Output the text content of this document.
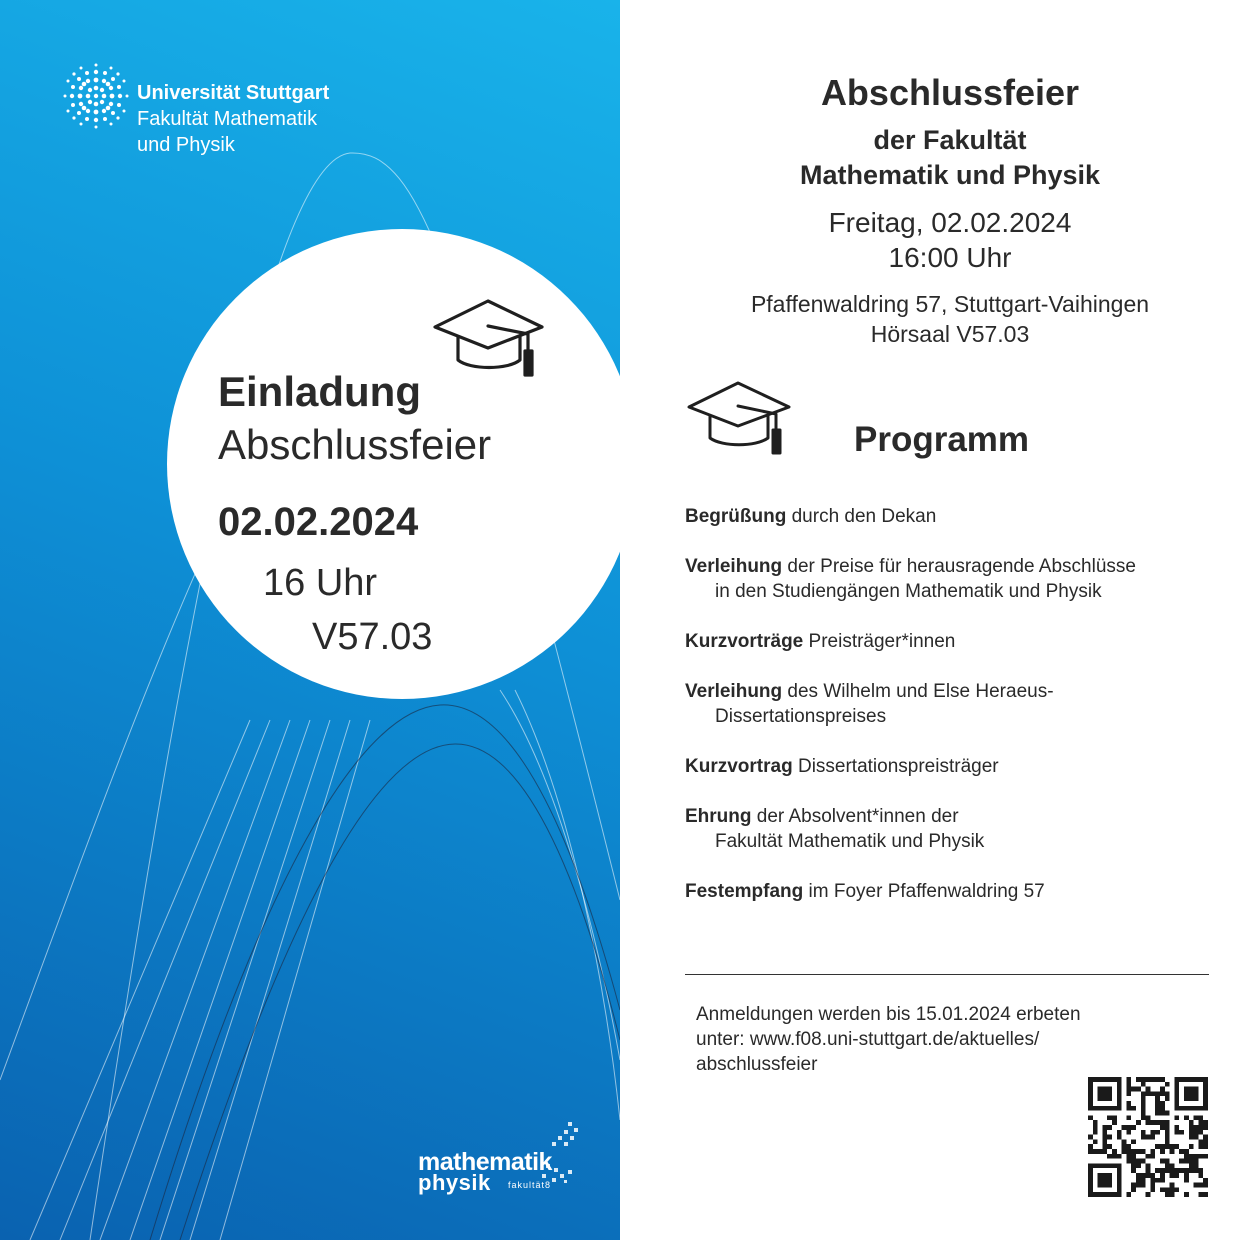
Universität Stuttgart
Fakultät Mathematik
und Physik
mathematik
physik fakultät8
Einladung
Abschlussfeier
02.02.2024
16 Uhr
V57.03
Abschlussfeier
der Fakultät
Mathematik und Physik
Freitag, 02.02.2024
16:00 Uhr
Pfaffenwaldring 57, Stuttgart-Vaihingen
Hörsaal V57.03
Programm
Begrüßung durch den Dekan
Verleihung der Preise für herausragende Abschlüsse
in den Studiengängen Mathematik und Physik
Kurzvorträge Preisträger*innen
Verleihung des Wilhelm und Else Heraeus-
Dissertationspreises
Kurzvortrag Dissertationspreisträger
Ehrung der Absolvent*innen der
Fakultät Mathematik und Physik
Festempfang im Foyer Pfaffenwaldring 57
Anmeldungen werden bis 15.01.2024 erbeten
unter: www.f08.uni-stuttgart.de/aktuelles/
abschlussfeier
